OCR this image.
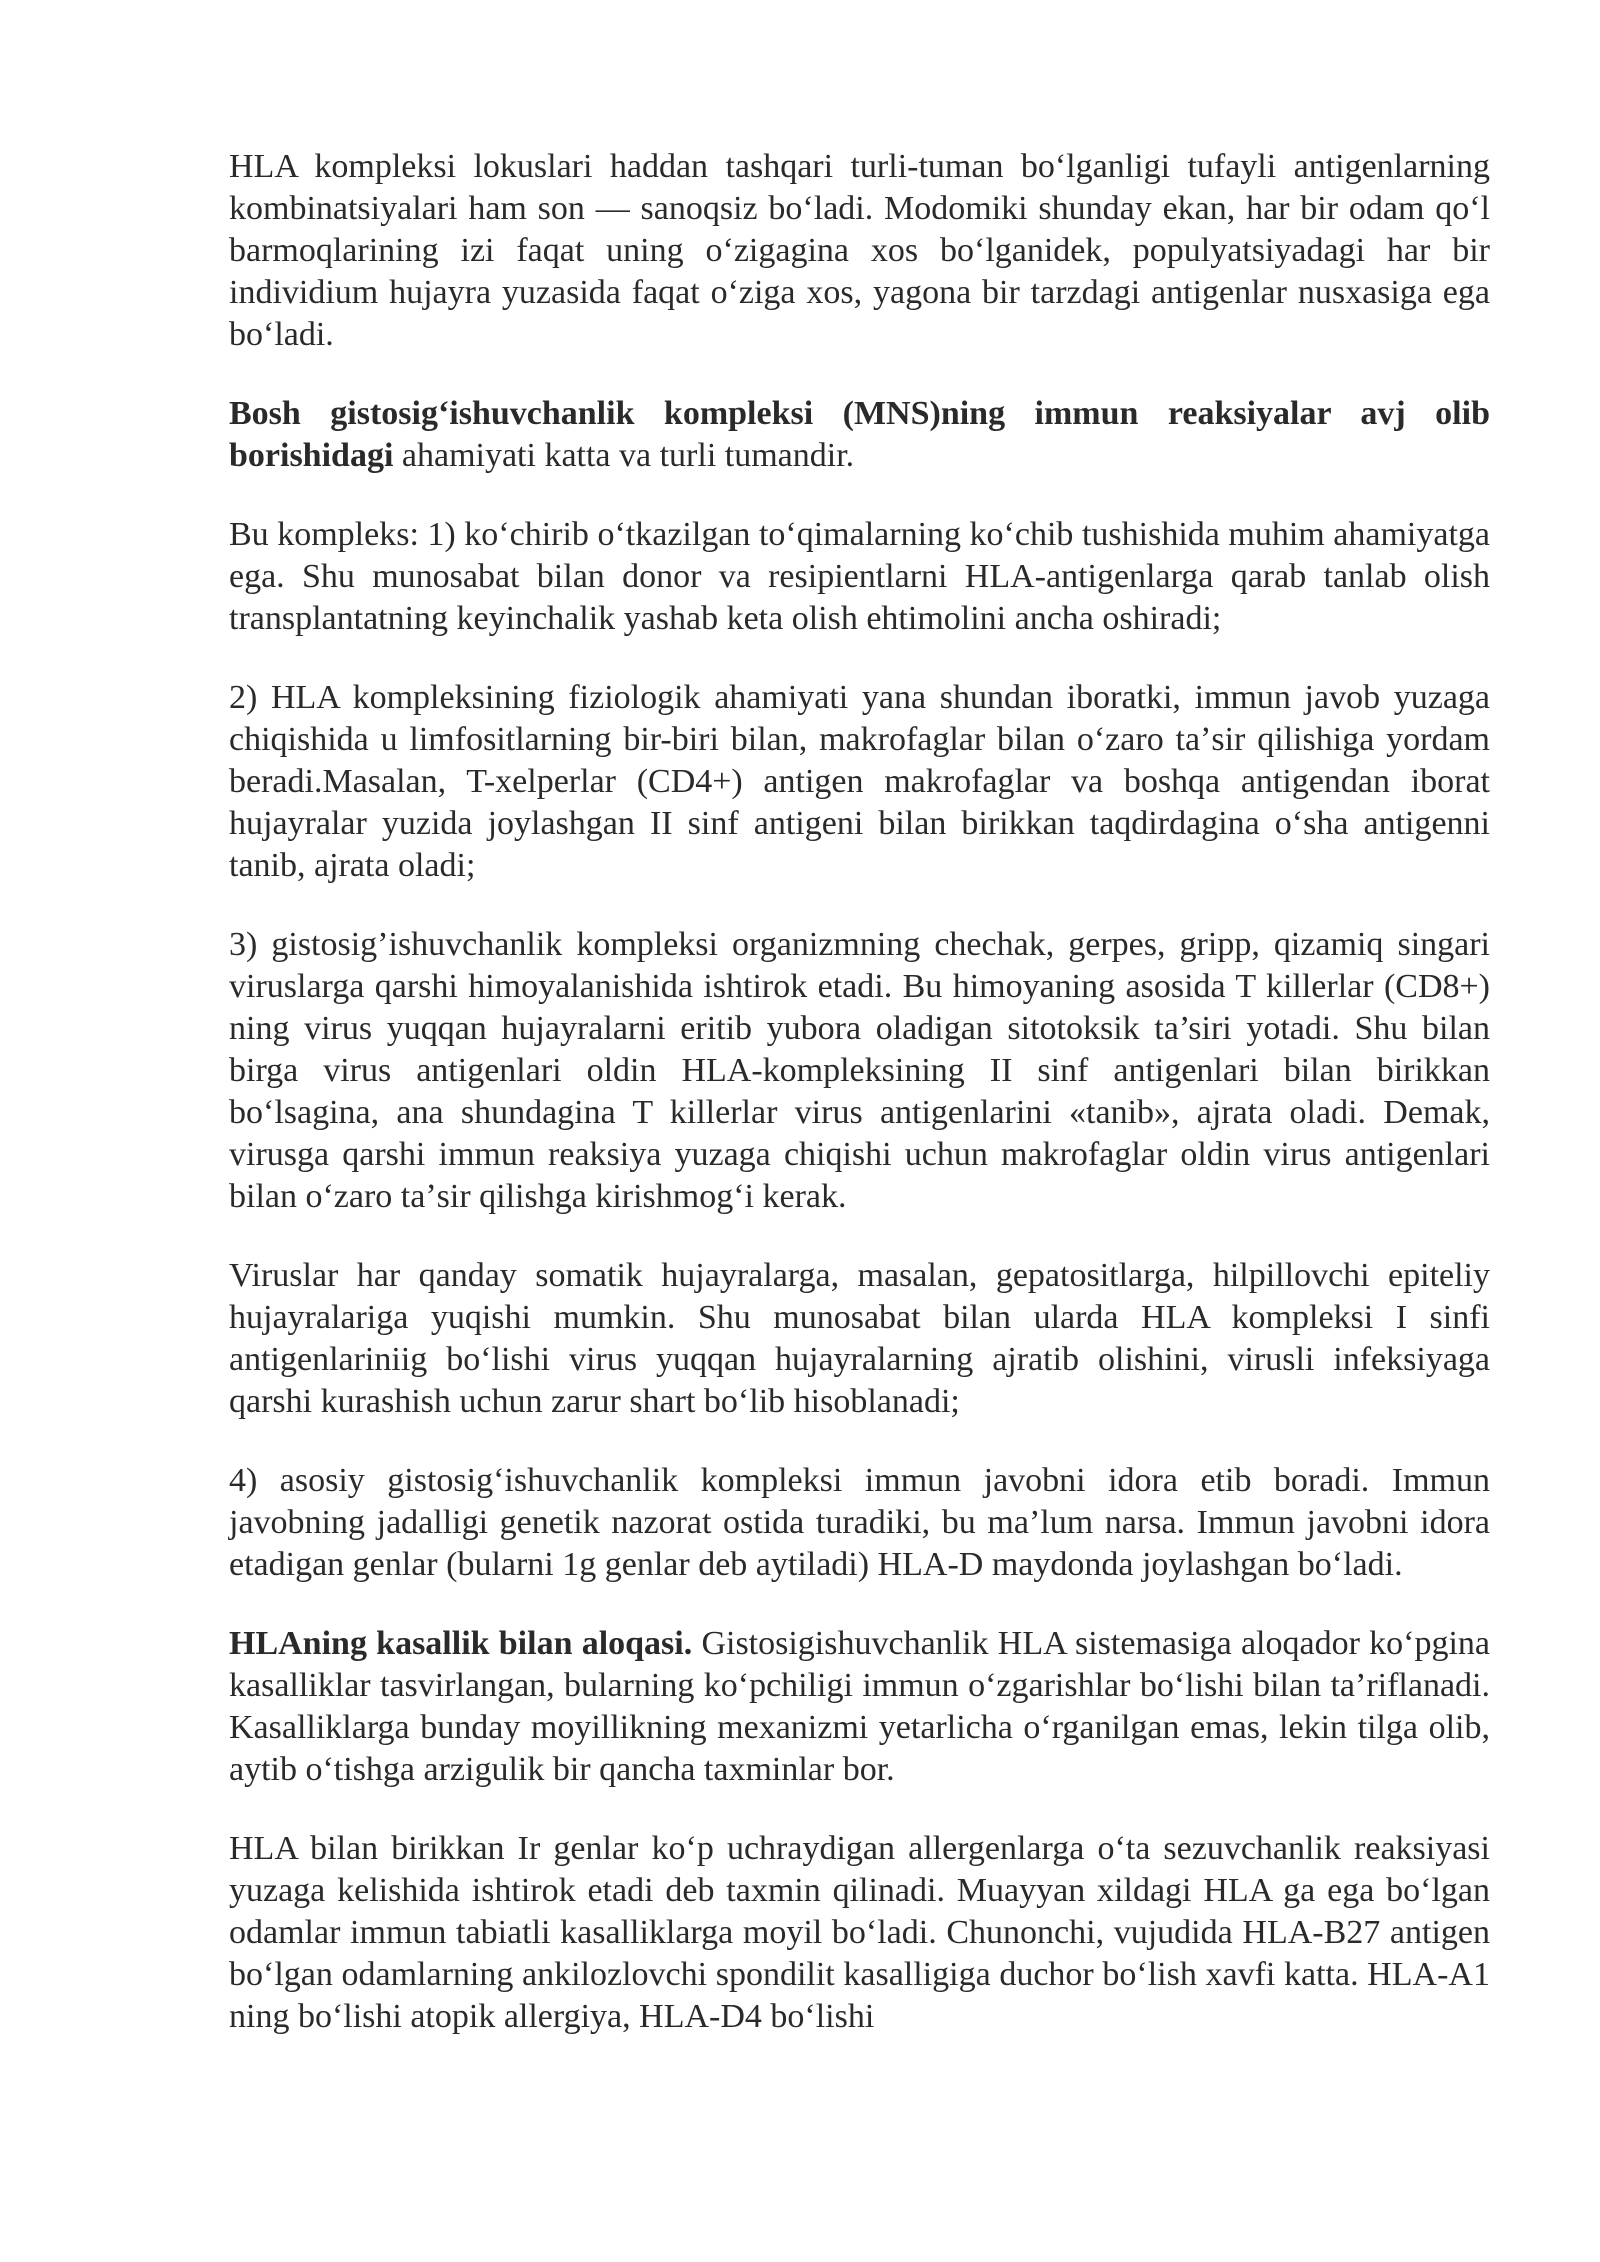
HLA kompleksi lokuslari haddan tashqari turli-tuman boʻlganligi tufayli antigenlarning kombinatsiyalari ham son — sanoqsiz boʻladi. Modomiki shunday ekan, har bir odam qoʻl barmoqlarining izi faqat uning oʻzigagina xos boʻlganidek, populyatsiyadagi har bir individium hujayra yuzasida faqat oʻziga xos, yagona bir tarzdagi antigenlar nusxasiga ega boʻladi.

Bosh gistosigʻishuvchanlik kompleksi (MNS)ning immun reaksiyalar avj olib borishidagi ahamiyati katta va turli tumandir.

Bu kompleks: 1) koʻchirib oʻtkazilgan toʻqimalarning koʻchib tushishida muhim ahamiyatga ega. Shu munosabat bilan donor va resipientlarni HLA-antigenlarga qarab tanlab olish transplantatning keyinchalik yashab keta olish ehtimolini ancha oshiradi;

2) HLA kompleksining fiziologik ahamiyati yana shundan iboratki, immun javob yuzaga chiqishida u limfositlarning bir-biri bilan, makrofaglar bilan oʻzaro taʼsir qilishiga yordam beradi.Masalan, T-xelperlar (CD4+) antigen makrofaglar va boshqa antigendan iborat hujayralar yuzida joylashgan II sinf antigeni bilan birikkan taqdirdagina oʻsha antigenni tanib, ajrata oladi;

3) gistosig’ishuvchanlik kompleksi organizmning chechak, gerpes, gripp, qizamiq singari viruslarga qarshi himoyalanishida ishtirok etadi. Bu himoyaning asosida T killerlar (CD8+) ning virus yuqqan hujayralarni eritib yubora oladigan sitotoksik ta’siri yotadi. Shu bilan birga virus antigenlari oldin HLA-kompleksining II sinf antigenlari bilan birikkan boʻlsagina, ana shundagina T killerlar virus antigenlarini «tanib», ajrata oladi. Demak, virusga qarshi immun reaksiya yuzaga chiqishi uchun makrofaglar oldin virus antigenlari bilan oʻzaro taʼsir qilishga kirishmogʻi kerak.

Viruslar har qanday somatik hujayralarga, masalan, gepatositlarga, hilpillovchi epiteliy hujayralariga yuqishi mumkin. Shu munosabat bilan ularda HLA kompleksi I sinfi antigenlariniig boʻlishi virus yuqqan hujayralarning ajratib olishini, virusli infeksiyaga qarshi kurashish uchun zarur shart boʻlib hisoblanadi;

4) asosiy gistosigʻishuvchanlik kompleksi immun javobni idora etib boradi. Immun javobning jadalligi genetik nazorat ostida turadiki, bu ma’lum narsa. Immun javobni idora etadigan genlar (bularni 1g genlar deb aytiladi) HLA-D maydonda joylashgan boʻladi.

HLAning kasallik bilan aloqasi. Gistosigishuvchanlik HLA sistemasiga aloqador koʻpgina kasalliklar tasvirlangan, bularning koʻpchiligi immun oʻzgarishlar boʻlishi bilan ta’riflanadi. Kasalliklarga bunday moyillikning mexanizmi yetarlicha oʻrganilgan emas, lekin tilga olib, aytib oʻtishga arzigulik bir qancha taxminlar bor.

HLA bilan birikkan Ir genlar ko‘p uchraydigan allergenlarga oʻta sezuvchanlik reaksiyasi yuzaga kelishida ishtirok etadi deb taxmin qilinadi. Muayyan xildagi HLA ga ega boʻlgan odamlar immun tabiatli kasalliklarga moyil boʻladi. Chunonchi, vujudida HLA-B27 antigen boʻlgan odamlarning ankilozlovchi spondilit kasalligiga duchor boʻlish xavfi katta. HLA-A1 ning boʻlishi atopik allergiya, HLA-D4 boʻlishi
